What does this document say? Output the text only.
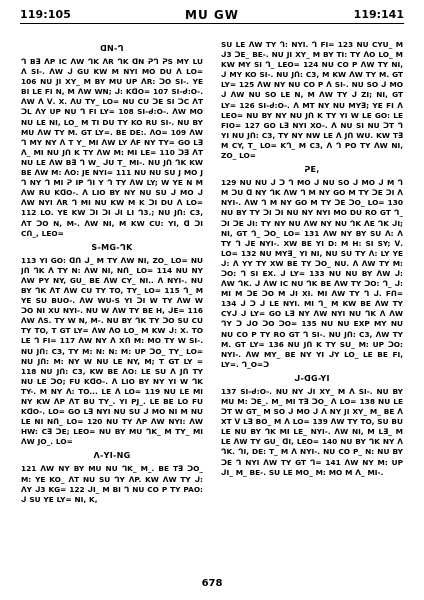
119:105	MU GW	119:141
ᗡN-ᒉ

ᒉ B∃ ᐱP IC ᐱW ᒉK ᐱR ᒉK ᗡN ᕈᒉ ᕈS MY LU ᐱ SI-. ᐱW ᒍ GU KW M NYI MO DU ᐱ LO= 106 NU JI XY_ M BY MU UP ᐱR: ᑐO SI-. YE BI LE FI N, M ᐱW WN; ᒍ: KᗡO= 107 SI-ᑯ:O-. ᐱW ᐱ ᐯ. X. ᐱU TY_ LO= NU CU ᑐE SI ᑐC ᐱT ᑐL ᐱY UP NU ᒉ FI LY= 108 SI-ᑯ:O-. ᐱW MO NU LE NI, LO_ M TI DU TY KO RU SI-. NU BY MU ᐱW TY M. GT LY=. BE DE:. ᐱO= 109 ᐱW ᒉ MY NY ᐱ T Y_ MI ᐱW LY ᐱF NY TY= GO L∃ ᐱ_ MI NU Jᑎ K TY ᐱW M: MI LE= 110 ᑐ∃ ᐱT NU LE ᐱW B∃ ᒉ W_ ᒍU T_ MI-. NU Jᑎ ᒉK KW BE ᐱW M: ᐱO: JE NYI= 111 NU NU SU J MO J ᒉ NY ᒉ MI ᕈ IP ᒉI Y ᒉ TY ᐱW LY; W YE N M ᐱW RU KᗡO-. ᐱ LIO BY NY NU SU ᒍ MO ᒍ ᐱW NYI ᐱR ᒉ MI NU KW M K ᑐI DU ᐱ LO= 112 LO. YE KW ᑐI ᑐI ᒍI LI ᒉ3.; NU Jᑎ: C3, ᐱT ᑐO N, M-. ᐱW NI, M KW CU: YI, ᗡ ᑐI Cᑎ_, LEO=

S-MG-ᒉK

113 YI GO: ᗡᑎ ᒍ_ M TY ᐱW NI, ZO_ LO= NU Jᑎ ᒉK ᐱ TY N: ᐱW NI, Nᑎ_ LO= 114 NU NY ᐱW PY NY, GU_ BE ᐱW CY_ NI.. ᐱ NYI-. NU BY ᒉK ᐱT ᐱW CU TY TO, TY_ LO= 115 ᒉ_ M YE SU BUO-. ᐱW WU-S YI ᑐI W TY ᐱW W ᑐO NI XU NYI-. NU W ᐱW TY BE H, ᒍE= 116 ᐱW ᐱS. TY W N, M-. NU BY ᒉK TY ᑐO SU CU TY TO, T GT LY= ᐱW ᐱO LO_ M KW ᒍ: X. TO LE ᒉ FI= 117 ᐱW NY ᐱ Xᑎ M: MO TY W SI-. NU Jᑎ: C3, TY M: N: N: M: UP ᑐO_ TY_ LO= NU Jᑎ: M: NY W NU LE NY, M; T GT LY = 118 NU Jᑎ: C3, KW BE ᐱO: LE SU ᐱ Jᑎ TY NU LE ᑐO; FU KᗡO-. ᐱ LIO BY NY YI W ᒉK TY-. M NY ᐱ: TO... LE ᐱ LO= 119 NU LE MI NY KW ᐱP ᐱT BU TY_. YI PJ_. LE BE LO FU KᗡO-. LO= GO L∃ NYI NU SU ᒍ MO NI M NU LE NI Nᑎ_ LO= 120 NU TY ᐱP ᐱW NYI: ᐱW HW: C∃ ᑐE; LEO= NU BY MU ᒉK_ M TY_ MI ᐱW JO_. LO=

ᐱ-YI-NG

121 ᐱW NY BY MU NU ᒉK_ M_. BE T∃ ᑐO_ M: YE KO_ ᐱT NU SU ᒉY ᐱP. KW ᐱW TY ᒍ: ᐱY ᒍ3 KG= 122 ᒍI_ M BI ᒉ NU CO P TY PAO: ᒍ SU YE LY= NI, K,

SU LE ᐱW TY ᒉ: NYI. ᒉ FI= 123 NU CYU_ M ᒍ3 ᑐE_ BE-. NU JI XY_ M BY TI: TY ᐱO LO_ M KW MY SI ᒉ_ LEO= 124 NU CO P ᐱW TY NI, ᒍ MY KO SI-. NU Jᑎ: C3, M KW ᐱW TY M. GT LY= 125 ᐱW NY NU CO P ᐱ SI-. NU SO ᒍ MO ᒍ ᐱW NU SO LE N, M ᐱW TY ᒍ ZI; NI, GT LY= 126 SI-ᑯ:O-. ᐱ MT NY NU MY∃; YE FI ᐱ LEO= NU BY NY NU Jᑎ K TY YI W LE GO: LE FIO= 127 GO L∃ NYI XO-. ᐱ NU SI NU ᑐT ᒉ YI NU Jᑎ: C3, TY NY NW LE ᐱ Jᑎ WU. KW T∃ M CY, T_ LO= Kᒉ_ M C3, ᐱ ᒉ PO TY ᐱW NI, ZO_ LO=

ᕈE,

129 NU NU ᒍ ᑐ ᒉ MO ᒍ NU SO ᒍ MO ᒍ M ᒉ M ᑐU ᗡ NY ᒉK ᐱW ᒉ M NY GO M TY ᑐE ᑐI ᐱ NYI-. ᐱW ᒉ M NY GO M TY ᑐE ᑐO_ LO= 130 NU BY TY ᑐI ᑐI NU NY NYI MO DU RO GT ᒉ_ ᑐI ᑐE ᒍI: TY NY NU ᐱW NY NU ᒉK ᐱE ᒉK ᒍI; NI, GT ᒉ_ ᑐO_ LO= 131 ᐱW NY BY SU ᐱ: ᐱ TY ᒉ ᒍE NYI-. XW BE YI D: M H: SI SY; ᐯ. LO= 132 NU MY∃_ YI NI, NU SU TY ᐱ: LY YE ᒍ: ᐱ YY TY XW BE TY ᑐO_ NU. ᐱ ᐱW TY M: ᑐO: ᒉ SI EX. ᒍ LY= 133 NU NU BY ᐱW ᒍ: ᐱW ᒉK. ᒍ ᐱW IC NU ᒉK BE ᐱW TY ᑐO: ᒉ_ ᒍ: MI M ᑐE ᑐO M ᒍI XI. MI ᐱW TY ᒉ ᒍ. Fᑎ= 134 ᒍ ᑐ ᒍ LE NYI. MI ᒉ_ M KW BE ᐱW TY CYᒍ ᒍ LY= GO L∃ NY ᐱW NYI NU ᒉK ᐱ ᐱW ᒉY ᑐ ᒍO ᑐO ᑐO= 135 NU NU EXP MY NU NU CO P TY RO GT ᒉ SI-. NU Jᑎ: C3, ᐱW TY M. GT LY= 136 NU Jᑎ K TY SU_ M: UP ᑐO: NYI-. ᐱW MY_ BE NY YI ᒍY LO_ LE BE FI, LY=. ᒉ_O=ᑐ

ᒍ-ᗡG-YI

137 SI-ᑯ:O-. NU NY ᒍI XY_ M ᐱ SI-. NU BY MU M: ᑐE_. M_ MI T∃ ᑐO_ ᐱ LO= 138 NU LE ᑐT W GT_ M SO ᒍ MO ᒍ ᐱ NY JI XY_ M_ BE ᐱ XT ᐯ L∃ BO_ M ᐱ LO= 139 ᐱW TY TO, SU BU LE NU BY ᒉK MI LE_ NYI-. ᐱW NI, M L∃_ M LE ᐱW TY GU_ ᗡI, LEO= 140 NU BY ᒉK NY ᐱ ᒉK. ᒉI, DE: T_ M ᐱ NYI-. NU CO P_ N: NU BY ᑐE ᒉ NYI ᐱW TY GT ᒉ= 141 ᐱW NY M: UP ᒍI_ M_ BE-. SU LE MO_ M: MO M ᐱ_ MI-.

678
